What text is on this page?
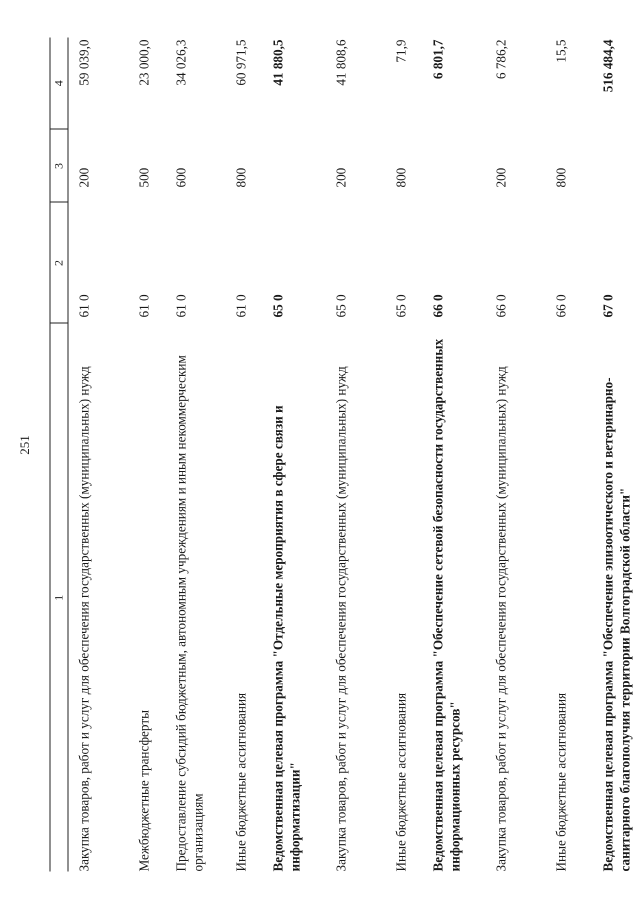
251
1	2	3	4
Закупка товаров, работ и услуг для обеспечения государственных (муниципальных) нужд	61 0	200	59 039,0
Межбюджетные трансферты	61 0	500	23 000,0
Предоставление субсидий бюджетным, автономным учреждениям и иным некоммерческим организациям	61 0	600	34 026,3
Иные бюджетные ассигнования	61 0	800	60 971,5
Ведомственная целевая программа "Отдельные мероприятия в сфере связи и информатизации"	65 0		41 880,5
Закупка товаров, работ и услуг для обеспечения государственных (муниципальных) нужд	65 0	200	41 808,6
Иные бюджетные ассигнования	65 0	800	71,9
Ведомственная целевая программа "Обеспечение сетевой безопасности государственных информационных ресурсов"	66 0		6 801,7
Закупка товаров, работ и услуг для обеспечения государственных (муниципальных) нужд	66 0	200	6 786,2
Иные бюджетные ассигнования	66 0	800	15,5
Ведомственная целевая программа "Обеспечение эпизоотического и ветеринарно-санитарного благополучия территории Волгоградской области"	67 0		516 484,4
